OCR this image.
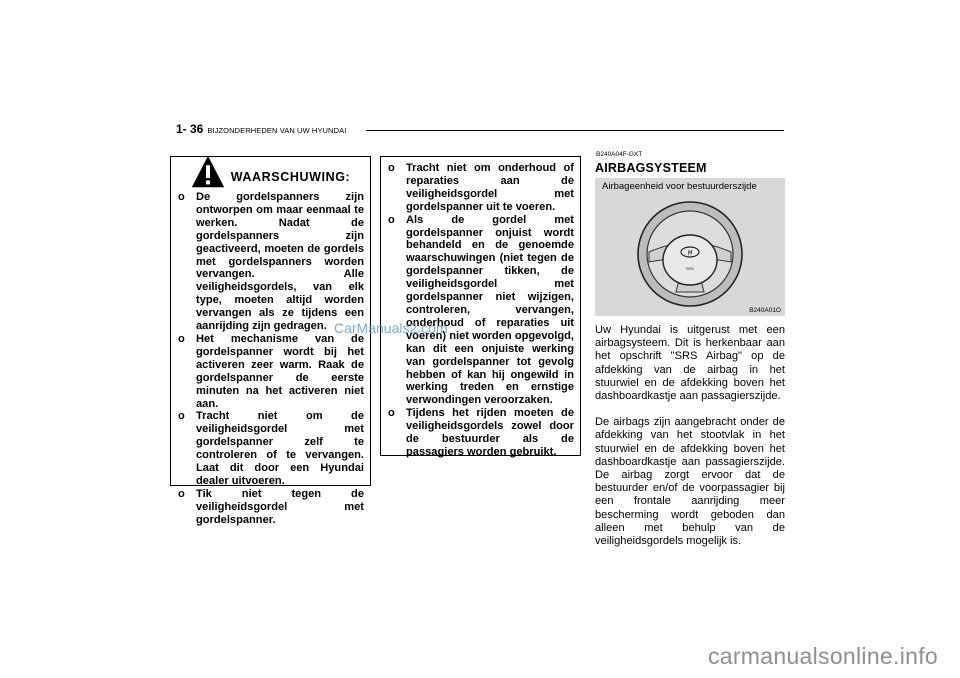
1- 36 BIJZONDERHEDEN VAN UW HYUNDAI
WAARSCHUWING:
o De gordelspanners zijn ontworpen om maar eenmaal te werken. Nadat de gordelspanners zijn geactiveerd, moeten de gordels met gordelspanners worden vervangen. Alle veiligheidsgordels, van elk type, moeten altijd worden vervangen als ze tijdens een aanrijding zijn gedragen.
o Het mechanisme van de gordelspanner wordt bij het activeren zeer warm. Raak de gordelspanner de eerste minuten na het activeren niet aan.
o Tracht niet om de veiligheidsgordel met gordelspanner zelf te controleren of te vervangen. Laat dit door een Hyundai dealer uitvoeren.
o Tik niet tegen de veiligheidsgordel met gordelspanner.
o Tracht niet om onderhoud of reparaties aan de veiligheidsgordel met gordelspanner uit te voeren.
o Als de gordel met gordelspanner onjuist wordt behandeld en de genoemde waarschuwingen (niet tegen de gordelspanner tikken, de veiligheidsgordel met gordelspanner niet wijzigen, controleren, vervangen, onderhoud of reparaties uit voeren) niet worden opgevolgd, kan dit een onjuiste werking van gordelspanner tot gevolg hebben of kan hij ongewild in werking treden en ernstige verwondingen veroorzaken.
o Tijdens het rijden moeten de veiligheidsgordels zowel door de bestuurder als de passagiers worden gebruikt.
CarManuals2.com
B240A04F-GXT
AIRBAGSYSTEEM
Airbageenheid voor bestuurderszijde
H
SRS
B240A01O

Uw Hyundai is uitgerust met een airbagsysteem. Dit is herkenbaar aan het opschrift "SRS Airbag" op de afdekking van de airbag in het stuurwiel en de afdekking boven het dashboardkastje aan passagierszijde.

De airbags zijn aangebracht onder de afdekking van het stootvlak in het stuurwiel en de afdekking boven het dashboardkastje aan passagierszijde. De airbag zorgt ervoor dat de bestuurder en/of de voorpassagier bij een frontale aanrijding meer bescherming wordt geboden dan alleen met behulp van de veiligheidsgordels mogelijk is.

carmanualsonline.info
